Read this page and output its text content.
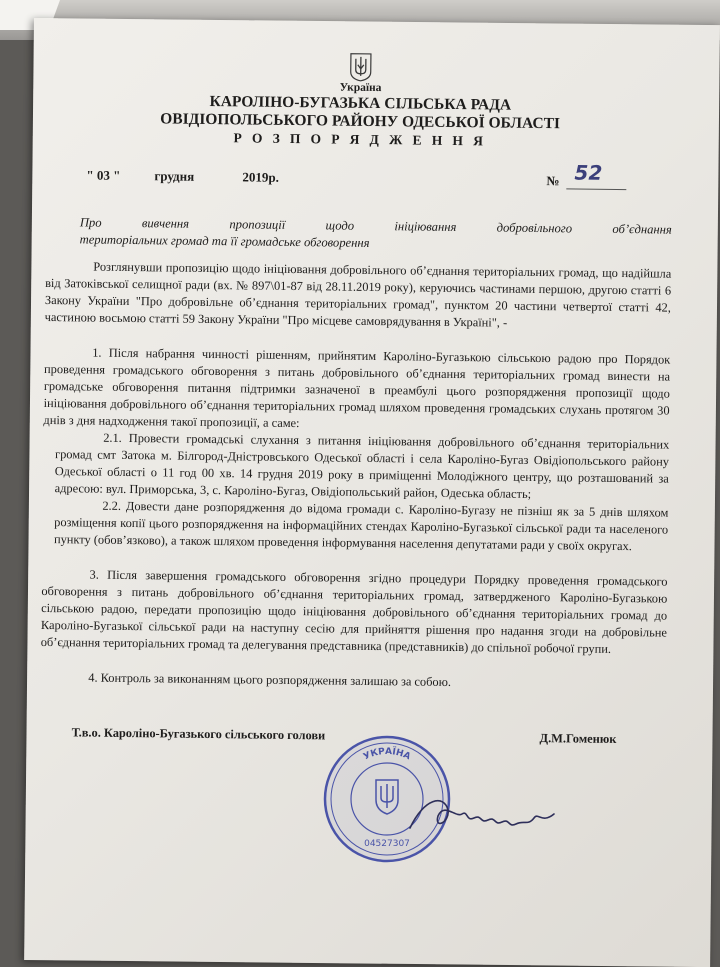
Україна
КАРОЛІНО-БУГАЗЬКА СІЛЬСЬКА РАДА
ОВІДІОПОЛЬСЬКОГО РАЙОНУ ОДЕСЬКОЇ ОБЛАСТІ
Р О З П О Р Я Д Ж Е Н Н Я
" 03 "	грудня	2019р.	№ 52
Про вивчення пропозиції щодо ініціювання добровільного об’єднання
територіальних громад та її громадське обговорення

Розглянувши пропозицію щодо ініціювання добровільного об’єднання територіальних громад, що надійшла від Затоківської селищної ради (вх. № 897\01-87 від 28.11.2019 року), керуючись частинами першою, другою статті 6 Закону України "Про добровільне об’єднання територіальних громад", пунктом 20 частини четвертої статті 42, частиною восьмою статті 59 Закону України "Про місцеве самоврядування в Україні", -

1. Після набрання чинності рішенням, прийнятим Кароліно-Бугазькою сільською радою про Порядок проведення громадського обговорення з питань добровільного об’єднання територіальних громад винести на громадське обговорення питання підтримки зазначеної в преамбулі цього розпорядження пропозиції щодо ініціювання добровільного об’єднання територіальних громад шляхом проведення громадських слухань протягом 30 днів з дня надходження такої пропозиції, а саме:

2.1. Провести громадські слухання з питання ініціювання добровільного об’єднання територіальних громад смт Затока м. Білгород-Дністровського Одеської області і села Кароліно-Бугаз Овідіопольського району Одеської області о 11 год 00 хв. 14 грудня 2019 року в приміщенні Молодіжного центру, що розташований за адресою: вул. Приморська, 3, с. Кароліно-Бугаз, Овідіопольський район, Одеська область;

2.2. Довести дане розпорядження до відома громади с. Кароліно-Бугазу не пізніш як за 5 днів шляхом розміщення копії цього розпорядження на інформаційних стендах Кароліно-Бугазької сільської ради та населеного пункту (обов’язково), а також шляхом проведення інформування населення депутатами ради у своїх округах.

3. Після завершення громадського обговорення згідно процедури Порядку проведення громадського обговорення з питань добровільного об’єднання територіальних громад, затвердженого Кароліно-Бугазькою сільською радою, передати пропозицію щодо ініціювання добровільного об’єднання територіальних громад до Кароліно-Бугазької сільської ради на наступну сесію для прийняття рішення про надання згоди на добровільне об’єднання територіальних громад та делегування представника (представників) до спільної робочої групи.

4. Контроль за виконанням цього розпорядження залишаю за собою.

Т.в.о. Кароліно-Бугазького сільського голови	Д.М.Гоменюк
УКРАЇНА
04527307
